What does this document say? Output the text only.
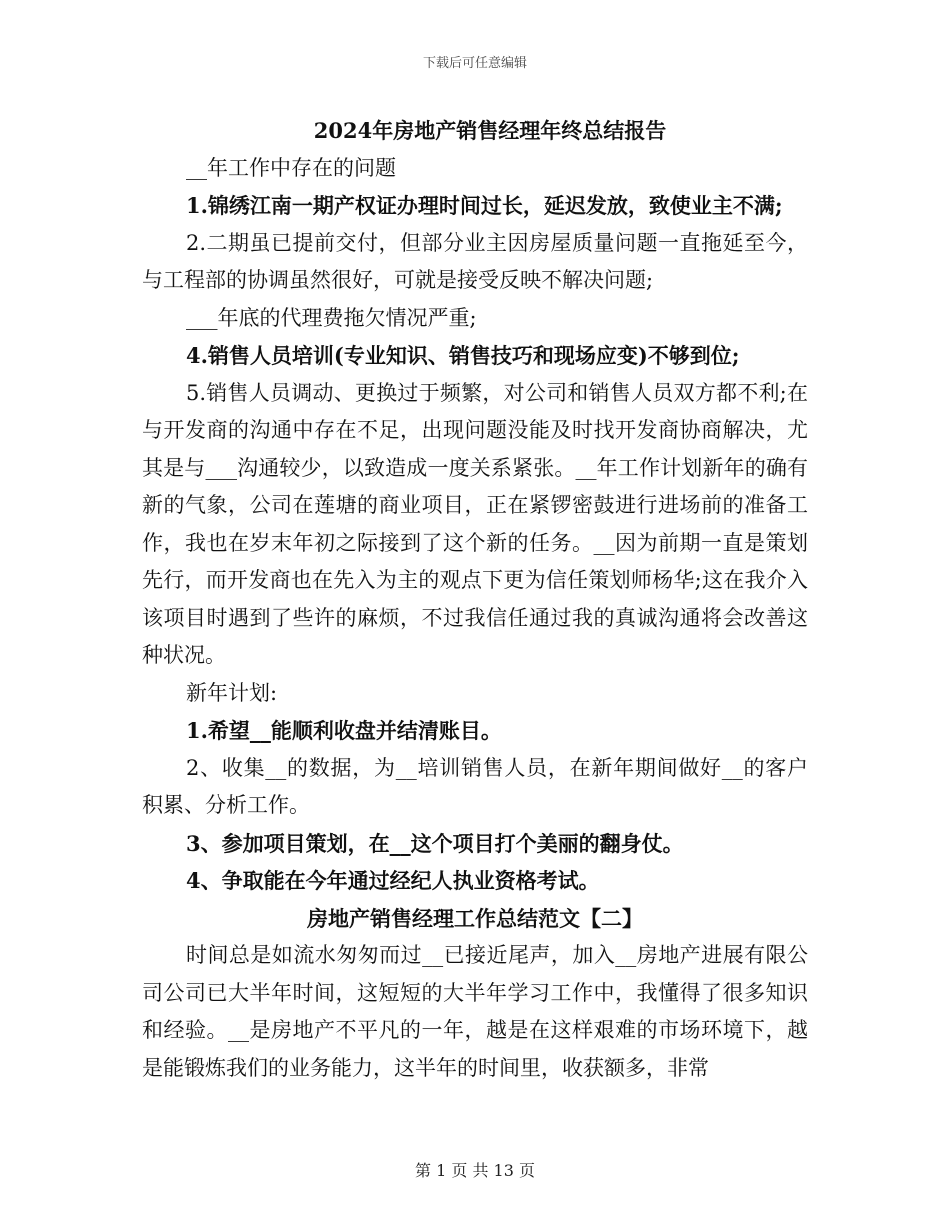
下载后可任意编辑
2024年房地产销售经理年终总结报告

__年工作中存在的问题

1.锦绣江南一期产权证办理时间过长，延迟发放，致使业主不满;

2.二期虽已提前交付，但部分业主因房屋质量问题一直拖延至今，与工程部的协调虽然很好，可就是接受反映不解决问题;

___年底的代理费拖欠情况严重;

4.销售人员培训(专业知识、销售技巧和现场应变)不够到位;

5.销售人员调动、更换过于频繁，对公司和销售人员双方都不利;在与开发商的沟通中存在不足，出现问题没能及时找开发商协商解决，尤其是与___沟通较少，以致造成一度关系紧张。__年工作计划新年的确有新的气象，公司在莲塘的商业项目，正在紧锣密鼓进行进场前的准备工作，我也在岁末年初之际接到了这个新的任务。__因为前期一直是策划先行，而开发商也在先入为主的观点下更为信任策划师杨华;这在我介入该项目时遇到了些许的麻烦，不过我信任通过我的真诚沟通将会改善这种状况。

新年计划:

1.希望__能顺利收盘并结清账目。

2、收集__的数据，为__培训销售人员，在新年期间做好__的客户积累、分析工作。

3、参加项目策划，在__这个项目打个美丽的翻身仗。

4、争取能在今年通过经纪人执业资格考试。

房地产销售经理工作总结范文【二】

时间总是如流水匆匆而过__已接近尾声，加入__房地产进展有限公司公司已大半年时间，这短短的大半年学习工作中，我懂得了很多知识和经验。__是房地产不平凡的一年，越是在这样艰难的市场环境下，越是能锻炼我们的业务能力，这半年的时间里，收获额多，非常

第 1 页 共 13 页
